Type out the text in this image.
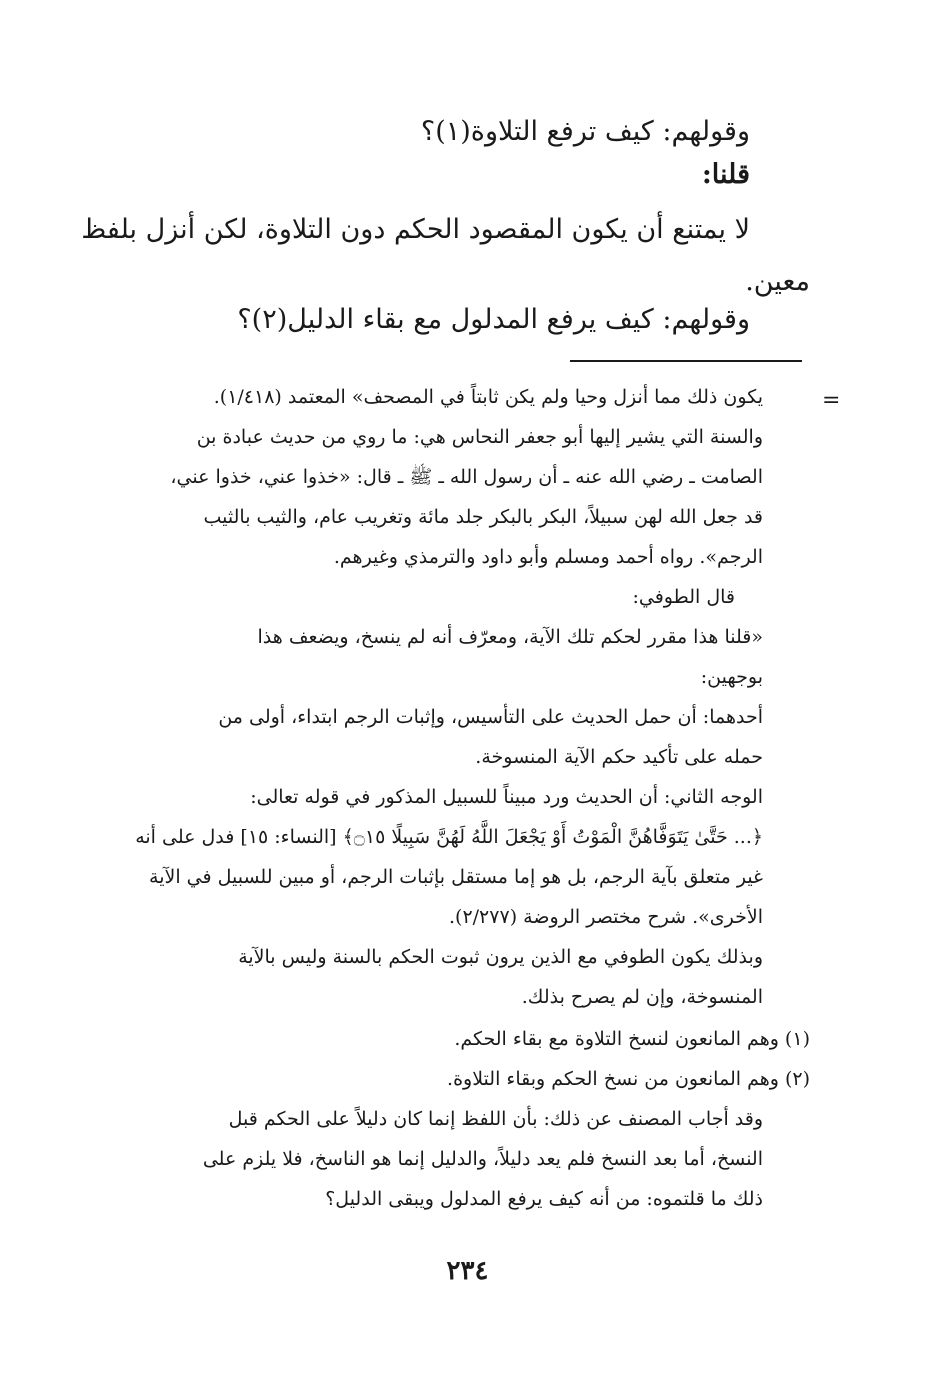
وقولهم: كيف ترفع التلاوة(١)؟
قلنا:
لا يمتنع أن يكون المقصود الحكم دون التلاوة، لكن أنزل بلفظ
معين.
وقولهم: كيف يرفع المدلول مع بقاء الدليل(٢)؟
=
يكون ذلك مما أنزل وحيا ولم يكن ثابتاً في المصحف» المعتمد (١/٤١٨).
والسنة التي يشير إليها أبو جعفر النحاس هي: ما روي من حديث عبادة بن
الصامت ـ رضي الله عنه ـ أن رسول الله ـ ﷺ ـ قال: «خذوا عني، خذوا عني،
قد جعل الله لهن سبيلاً، البكر بالبكر جلد مائة وتغريب عام، والثيب بالثيب
الرجم». رواه أحمد ومسلم وأبو داود والترمذي وغيرهم.
قال الطوفي:
«قلنا هذا مقرر لحكم تلك الآية، ومعرّف أنه لم ينسخ، ويضعف هذا
بوجهين:
أحدهما: أن حمل الحديث على التأسيس، وإثبات الرجم ابتداء، أولى من
حمله على تأكيد حكم الآية المنسوخة.
الوجه الثاني: أن الحديث ورد مبيناً للسبيل المذكور في قوله تعالى:
﴿... حَتَّىٰ يَتَوَفَّاهُنَّ الْمَوْتُ أَوْ يَجْعَلَ اللَّهُ لَهُنَّ سَبِيلًا ۝١٥﴾ [النساء: ١٥] فدل على أنه
غير متعلق بآية الرجم، بل هو إما مستقل بإثبات الرجم، أو مبين للسبيل في الآية
الأخرى». شرح مختصر الروضة (٢/٢٧٧).
وبذلك يكون الطوفي مع الذين يرون ثبوت الحكم بالسنة وليس بالآية
المنسوخة، وإن لم يصرح بذلك.
(١) وهم المانعون لنسخ التلاوة مع بقاء الحكم.
(٢) وهم المانعون من نسخ الحكم وبقاء التلاوة.
وقد أجاب المصنف عن ذلك: بأن اللفظ إنما كان دليلاً على الحكم قبل
النسخ، أما بعد النسخ فلم يعد دليلاً، والدليل إنما هو الناسخ، فلا يلزم على
ذلك ما قلتموه: من أنه كيف يرفع المدلول ويبقى الدليل؟
٢٣٤
